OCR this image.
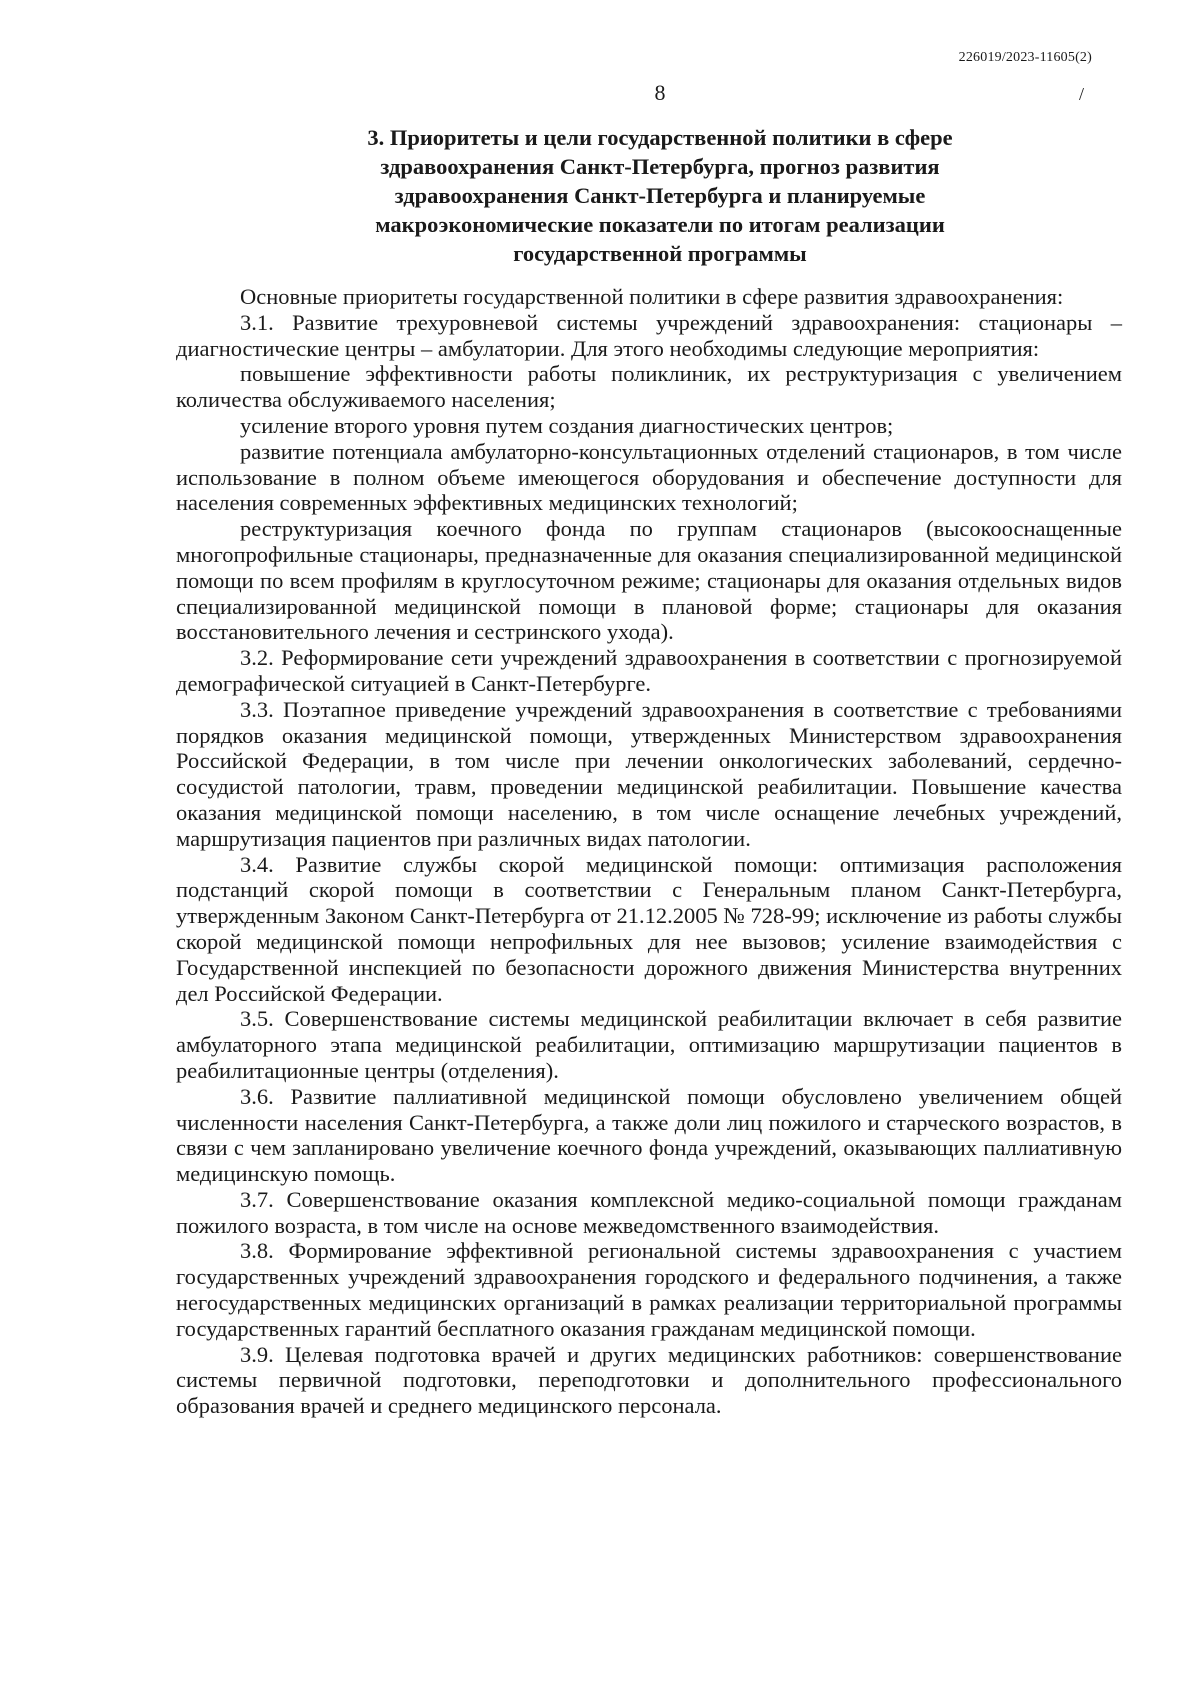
226019/2023-11605(2)
8	/
3. Приоритеты и цели государственной политики в сфере здравоохранения Санкт-Петербурга, прогноз развития здравоохранения Санкт-Петербурга и планируемые макроэкономические показатели по итогам реализации государственной программы

Основные приоритеты государственной политики в сфере развития здравоохранения:

3.1. Развитие трехуровневой системы учреждений здравоохранения: стационары – диагностические центры – амбулатории. Для этого необходимы следующие мероприятия:

повышение эффективности работы поликлиник, их реструктуризация с увеличением количества обслуживаемого населения;

усиление второго уровня путем создания диагностических центров;

развитие потенциала амбулаторно-консультационных отделений стационаров, в том числе использование в полном объеме имеющегося оборудования и обеспечение доступности для населения современных эффективных медицинских технологий;

реструктуризация коечного фонда по группам стационаров (высокооснащенные многопрофильные стационары, предназначенные для оказания специализированной медицинской помощи по всем профилям в круглосуточном режиме; стационары для оказания отдельных видов специализированной медицинской помощи в плановой форме; стационары для оказания восстановительного лечения и сестринского ухода).

3.2. Реформирование сети учреждений здравоохранения в соответствии с прогнозируемой демографической ситуацией в Санкт-Петербурге.

3.3. Поэтапное приведение учреждений здравоохранения в соответствие с требованиями порядков оказания медицинской помощи, утвержденных Министерством здравоохранения Российской Федерации, в том числе при лечении онкологических заболеваний, сердечно-сосудистой патологии, травм, проведении медицинской реабилитации. Повышение качества оказания медицинской помощи населению, в том числе оснащение лечебных учреждений, маршрутизация пациентов при различных видах патологии.

3.4. Развитие службы скорой медицинской помощи: оптимизация расположения подстанций скорой помощи в соответствии с Генеральным планом Санкт-Петербурга, утвержденным Законом Санкт-Петербурга от 21.12.2005 № 728-99; исключение из работы службы скорой медицинской помощи непрофильных для нее вызовов; усиление взаимодействия с Государственной инспекцией по безопасности дорожного движения Министерства внутренних дел Российской Федерации.

3.5. Совершенствование системы медицинской реабилитации включает в себя развитие амбулаторного этапа медицинской реабилитации, оптимизацию маршрутизации пациентов в реабилитационные центры (отделения).

3.6. Развитие паллиативной медицинской помощи обусловлено увеличением общей численности населения Санкт-Петербурга, а также доли лиц пожилого и старческого возрастов, в связи с чем запланировано увеличение коечного фонда учреждений, оказывающих паллиативную медицинскую помощь.

3.7. Совершенствование оказания комплексной медико-социальной помощи гражданам пожилого возраста, в том числе на основе межведомственного взаимодействия.

3.8. Формирование эффективной региональной системы здравоохранения с участием государственных учреждений здравоохранения городского и федерального подчинения, а также негосударственных медицинских организаций в рамках реализации территориальной программы государственных гарантий бесплатного оказания гражданам медицинской помощи.

3.9. Целевая подготовка врачей и других медицинских работников: совершенствование системы первичной подготовки, переподготовки и дополнительного профессионального образования врачей и среднего медицинского персонала.
